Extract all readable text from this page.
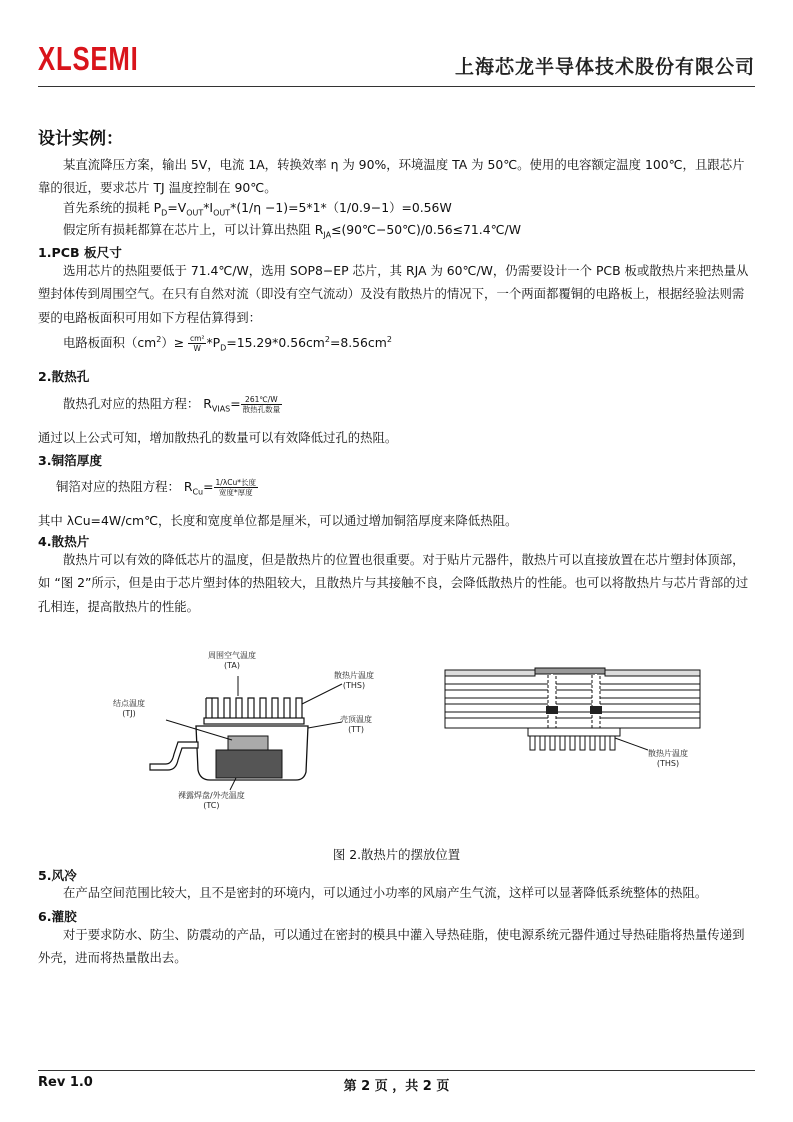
XLSEMI	上海芯龙半导体技术股份有限公司
设计实例：
某直流降压方案，输出 5V，电流 1A，转换效率 η 为 90%，环境温度 TA 为 50℃。使用的电容额定温度 100℃，且跟芯片靠的很近，要求芯片 TJ 温度控制在 90℃。
首先系统的损耗 $P_D=V_{OUT}*I_{OUT}*(1/\eta -1)=5*1*(1/0.9-1)=0.56W$
假定所有损耗都算在芯片上，可以计算出热阻 $R_{JA}\le(90℃-50℃)/0.56\le 71.4℃/W$
1.PCB 板尺寸
选用芯片的热阻要低于 71.4℃/W，选用 SOP8−EP 芯片，其 RJA 为 60℃/W，仍需要设计一个 PCB 板或散热片来把热量从塑封体传到周围空气。在只有自然对流（即没有空气流动）及没有散热片的情况下，一个两面都覆铜的电路板上，根据经验法则需要的电路板面积可用如下方程估算得到：
电路板面积$(cm^2)\ge \frac{\text{cm²}}{W} *P_D=15.29*0.56cm^2=8.56cm^2$
2.散热孔
散热孔对应的热阻方程： $R_{VIAS}= \frac{261℃/W}{\text{散热孔数量}}$
通过以上公式可知，增加散热孔的数量可以有效降低过孔的热阻。
3.铜箔厚度
铜箔对应的热阻方程： $R_{Cu}= \frac{\text{1/λCu*长度}}{\text{宽度*厚度}}$
其中 λCu=4W/cm℃，长度和宽度单位都是厘米，可以通过增加铜箔厚度来降低热阻。
4.散热片
散热片可以有效的降低芯片的温度，但是散热片的位置也很重要。对于贴片元器件，散热片可以直接放置在芯片塑封体顶部，如 “图 2”所示，但是由于芯片塑封体的热阻较大，且散热片与其接触不良，会降低散热片的性能。也可以将散热片与芯片背部的过孔相连，提高散热片的性能。
周围空气温度
(TA)
散热片温度
(THS)
结点温度
(TJ)
壳顶温度
(TT)
裸露焊盘/外壳温度
(TC)
散热片温度
(THS)
图 2.散热片的摆放位置
5.风冷
在产品空间范围比较大，且不是密封的环境内，可以通过小功率的风扇产生气流，这样可以显著降低系统整体的热阻。
6.灌胶
对于要求防水、防尘、防震动的产品，可以通过在密封的模具中灌入导热硅脂，使电源系统元器件通过导热硅脂将热量传递到外壳，进而将热量散出去。
Rev 1.0	第 2 页 ，共 2 页
